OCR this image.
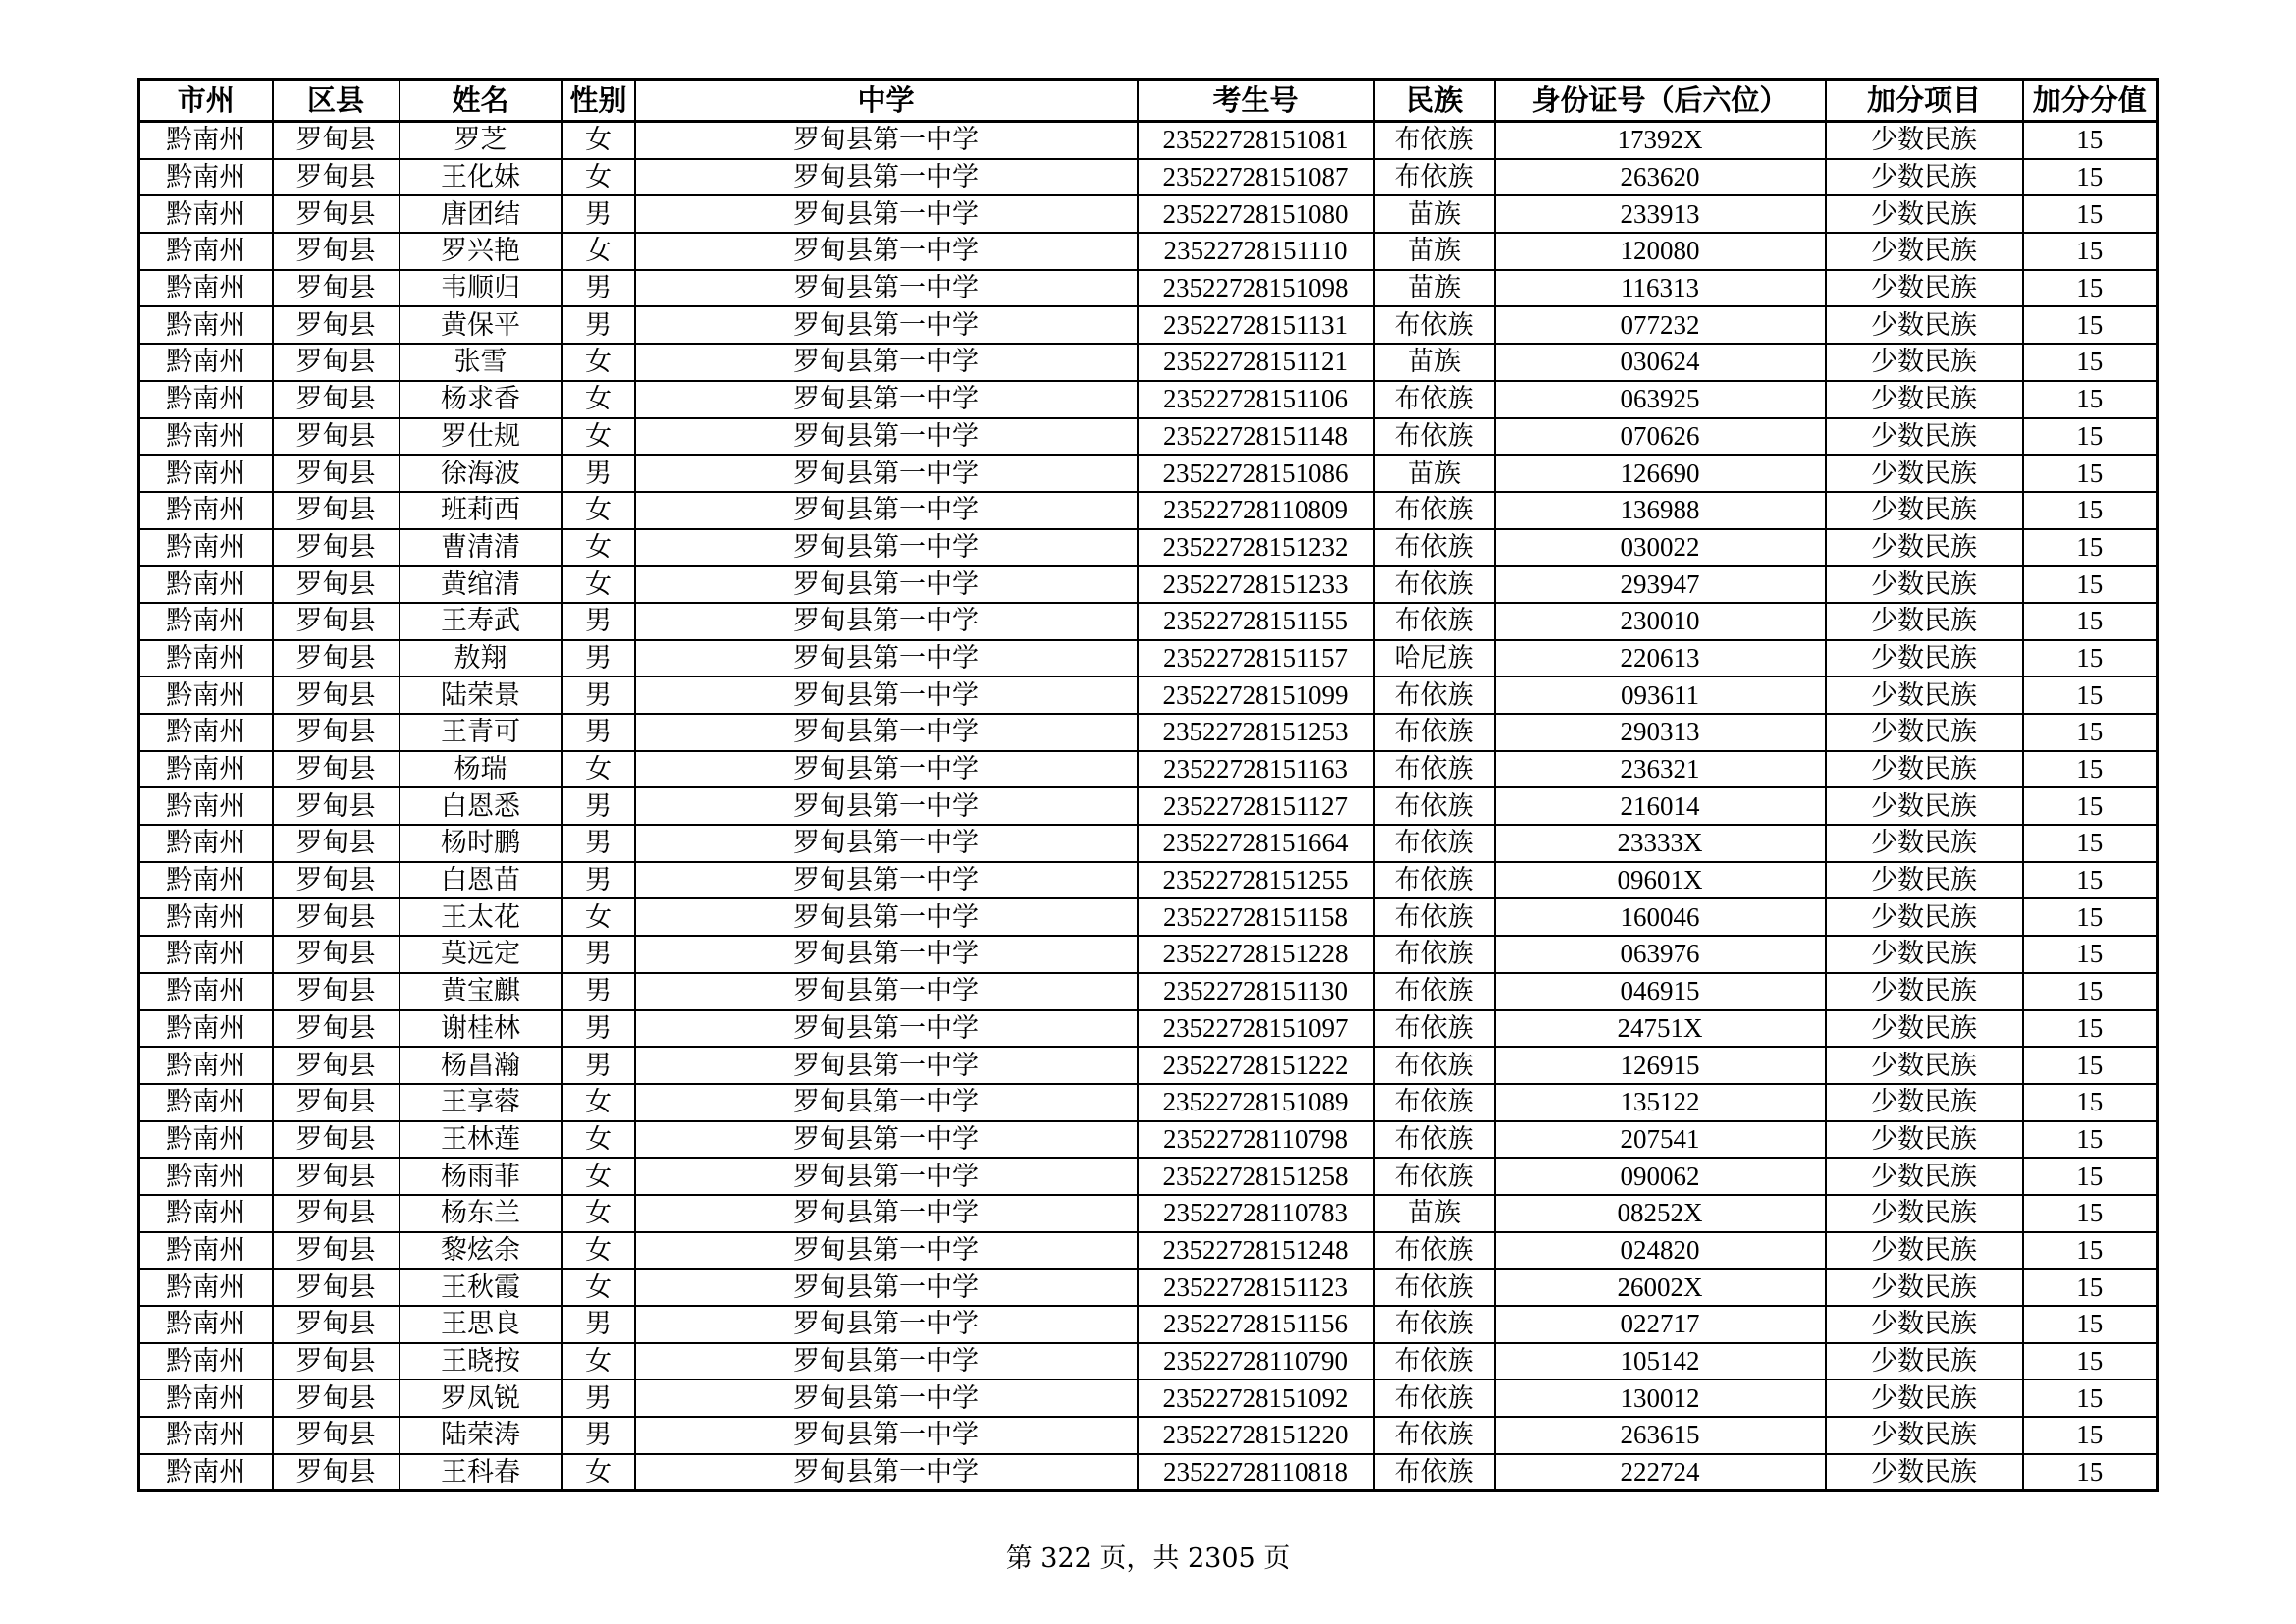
市州	区县	姓名	性别	中学	考生号	民族	身份证号（后六位）	加分项目	加分分值
黔南州	罗甸县	罗芝	女	罗甸县第一中学	23522728151081	布依族	17392X	少数民族	15
黔南州	罗甸县	王化妹	女	罗甸县第一中学	23522728151087	布依族	263620	少数民族	15
黔南州	罗甸县	唐团结	男	罗甸县第一中学	23522728151080	苗族	233913	少数民族	15
黔南州	罗甸县	罗兴艳	女	罗甸县第一中学	23522728151110	苗族	120080	少数民族	15
黔南州	罗甸县	韦顺归	男	罗甸县第一中学	23522728151098	苗族	116313	少数民族	15
黔南州	罗甸县	黄保平	男	罗甸县第一中学	23522728151131	布依族	077232	少数民族	15
黔南州	罗甸县	张雪	女	罗甸县第一中学	23522728151121	苗族	030624	少数民族	15
黔南州	罗甸县	杨求香	女	罗甸县第一中学	23522728151106	布依族	063925	少数民族	15
黔南州	罗甸县	罗仕规	女	罗甸县第一中学	23522728151148	布依族	070626	少数民族	15
黔南州	罗甸县	徐海波	男	罗甸县第一中学	23522728151086	苗族	126690	少数民族	15
黔南州	罗甸县	班莉西	女	罗甸县第一中学	23522728110809	布依族	136988	少数民族	15
黔南州	罗甸县	曹清清	女	罗甸县第一中学	23522728151232	布依族	030022	少数民族	15
黔南州	罗甸县	黄绾清	女	罗甸县第一中学	23522728151233	布依族	293947	少数民族	15
黔南州	罗甸县	王寿武	男	罗甸县第一中学	23522728151155	布依族	230010	少数民族	15
黔南州	罗甸县	敖翔	男	罗甸县第一中学	23522728151157	哈尼族	220613	少数民族	15
黔南州	罗甸县	陆荣景	男	罗甸县第一中学	23522728151099	布依族	093611	少数民族	15
黔南州	罗甸县	王青可	男	罗甸县第一中学	23522728151253	布依族	290313	少数民族	15
黔南州	罗甸县	杨瑞	女	罗甸县第一中学	23522728151163	布依族	236321	少数民族	15
黔南州	罗甸县	白恩悉	男	罗甸县第一中学	23522728151127	布依族	216014	少数民族	15
黔南州	罗甸县	杨时鹏	男	罗甸县第一中学	23522728151664	布依族	23333X	少数民族	15
黔南州	罗甸县	白恩苗	男	罗甸县第一中学	23522728151255	布依族	09601X	少数民族	15
黔南州	罗甸县	王太花	女	罗甸县第一中学	23522728151158	布依族	160046	少数民族	15
黔南州	罗甸县	莫远定	男	罗甸县第一中学	23522728151228	布依族	063976	少数民族	15
黔南州	罗甸县	黄宝麒	男	罗甸县第一中学	23522728151130	布依族	046915	少数民族	15
黔南州	罗甸县	谢桂林	男	罗甸县第一中学	23522728151097	布依族	24751X	少数民族	15
黔南州	罗甸县	杨昌瀚	男	罗甸县第一中学	23522728151222	布依族	126915	少数民族	15
黔南州	罗甸县	王享蓉	女	罗甸县第一中学	23522728151089	布依族	135122	少数民族	15
黔南州	罗甸县	王林莲	女	罗甸县第一中学	23522728110798	布依族	207541	少数民族	15
黔南州	罗甸县	杨雨菲	女	罗甸县第一中学	23522728151258	布依族	090062	少数民族	15
黔南州	罗甸县	杨东兰	女	罗甸县第一中学	23522728110783	苗族	08252X	少数民族	15
黔南州	罗甸县	黎炫余	女	罗甸县第一中学	23522728151248	布依族	024820	少数民族	15
黔南州	罗甸县	王秋霞	女	罗甸县第一中学	23522728151123	布依族	26002X	少数民族	15
黔南州	罗甸县	王思良	男	罗甸县第一中学	23522728151156	布依族	022717	少数民族	15
黔南州	罗甸县	王晓按	女	罗甸县第一中学	23522728110790	布依族	105142	少数民族	15
黔南州	罗甸县	罗凤锐	男	罗甸县第一中学	23522728151092	布依族	130012	少数民族	15
黔南州	罗甸县	陆荣涛	男	罗甸县第一中学	23522728151220	布依族	263615	少数民族	15
黔南州	罗甸县	王科春	女	罗甸县第一中学	23522728110818	布依族	222724	少数民族	15
第 322 页，共 2305 页
